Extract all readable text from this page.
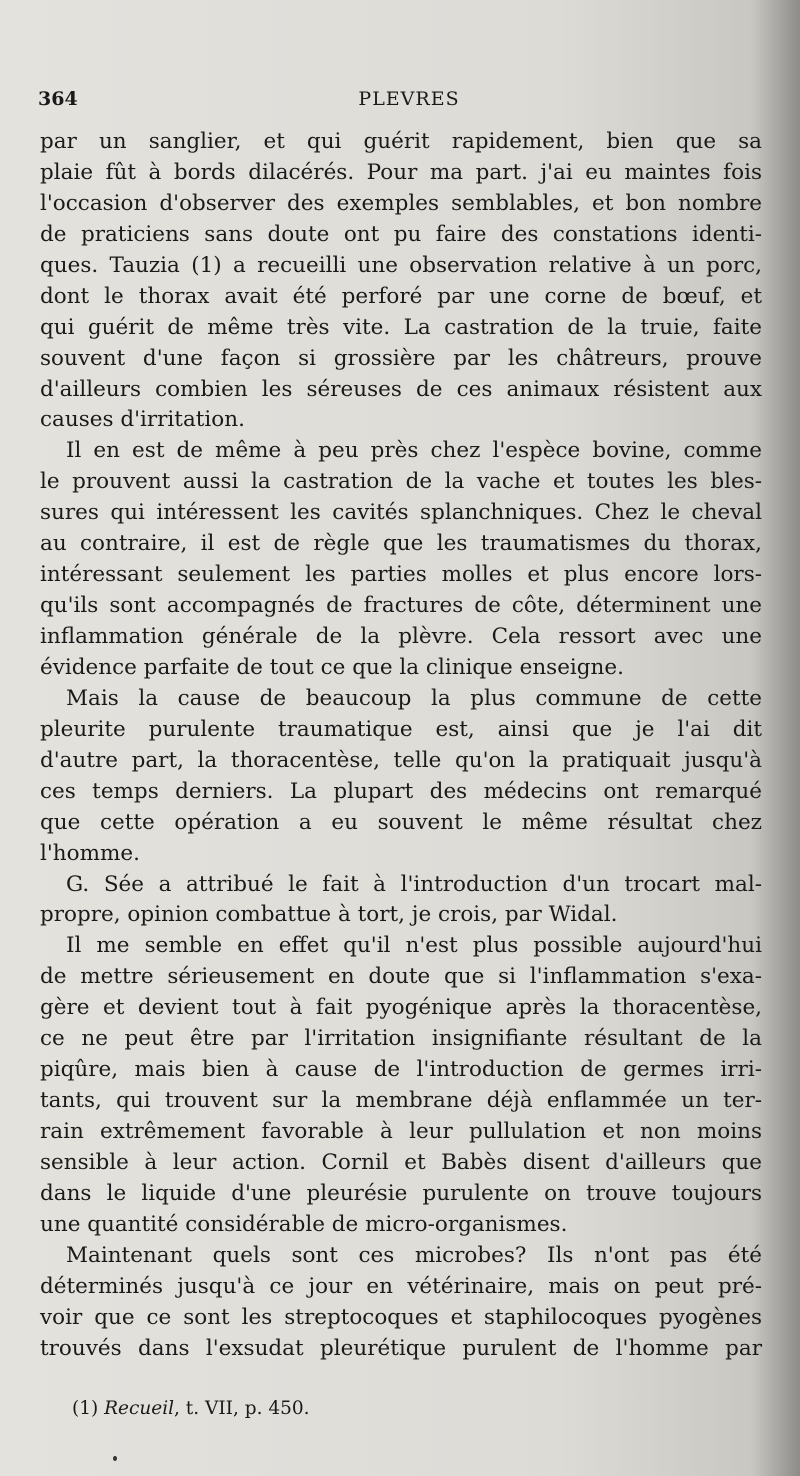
364	PLEVRES
par un sanglier, et qui guérit rapidement, bien que sa
plaie fût à bords dilacérés. Pour ma part. j'ai eu maintes fois
l'occasion d'observer des exemples semblables, et bon nombre
de praticiens sans doute ont pu faire des constations identi-
ques. Tauzia (1) a recueilli une observation relative à un porc,
dont le thorax avait été perforé par une corne de bœuf, et
qui guérit de même très vite. La castration de la truie, faite
souvent d'une façon si grossière par les châtreurs, prouve
d'ailleurs combien les séreuses de ces animaux résistent aux
causes d'irritation.
Il en est de même à peu près chez l'espèce bovine, comme
le prouvent aussi la castration de la vache et toutes les bles-
sures qui intéressent les cavités splanchniques. Chez le cheval
au contraire, il est de règle que les traumatismes du thorax,
intéressant seulement les parties molles et plus encore lors-
qu'ils sont accompagnés de fractures de côte, déterminent une
inflammation générale de la plèvre. Cela ressort avec une
évidence parfaite de tout ce que la clinique enseigne.
Mais la cause de beaucoup la plus commune de cette
pleurite purulente traumatique est, ainsi que je l'ai dit
d'autre part, la thoracentèse, telle qu'on la pratiquait jusqu'à
ces temps derniers. La plupart des médecins ont remarqué
que cette opération a eu souvent le même résultat chez
l'homme.
G. Sée a attribué le fait à l'introduction d'un trocart mal-
propre, opinion combattue à tort, je crois, par Widal.
Il me semble en effet qu'il n'est plus possible aujourd'hui
de mettre sérieusement en doute que si l'inflammation s'exa-
gère et devient tout à fait pyogénique après la thoracentèse,
ce ne peut être par l'irritation insignifiante résultant de la
piqûre, mais bien à cause de l'introduction de germes irri-
tants, qui trouvent sur la membrane déjà enflammée un ter-
rain extrêmement favorable à leur pullulation et non moins
sensible à leur action. Cornil et Babès disent d'ailleurs que
dans le liquide d'une pleurésie purulente on trouve toujours
une quantité considérable de micro-organismes.
Maintenant quels sont ces microbes? Ils n'ont pas été
déterminés jusqu'à ce jour en vétérinaire, mais on peut pré-
voir que ce sont les streptocoques et staphilocoques pyogènes
trouvés dans l'exsudat pleurétique purulent de l'homme par
(1) Recueil, t. VII, p. 450.
